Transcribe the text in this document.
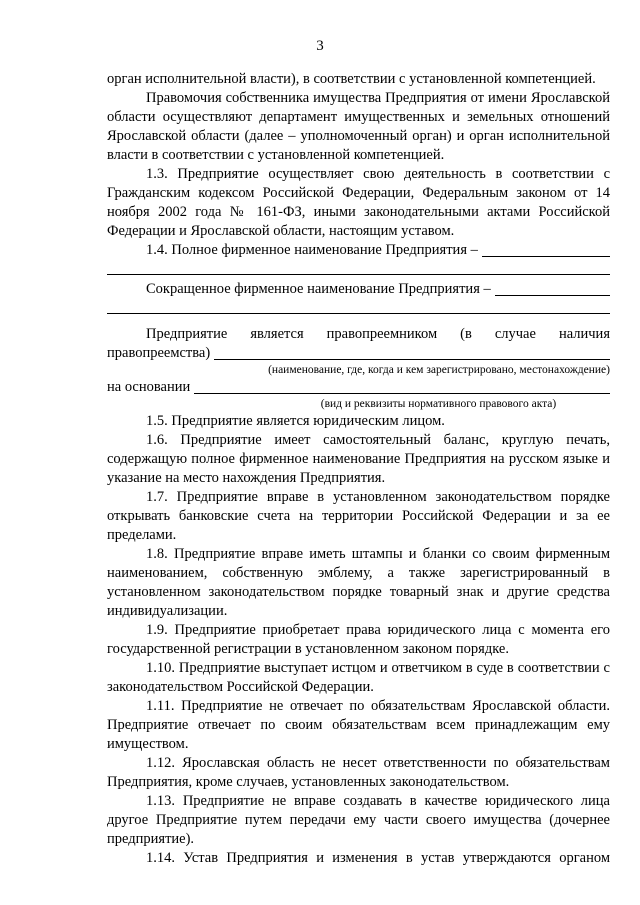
3

орган исполнительной власти), в соответствии с установленной компетенцией.

Правомочия собственника имущества Предприятия от имени Ярославской области осуществляют департамент имущественных и земельных отношений Ярославской области (далее – уполномоченный орган) и орган исполнительной власти в соответствии с установленной компетенцией.

1.3. Предприятие осуществляет свою деятельность в соответствии с Гражданским кодексом Российской Федерации, Федеральным законом от 14 ноября 2002 года № 161-ФЗ, иными законодательными актами Российской Федерации и Ярославской области, настоящим уставом.

1.4. Полное фирменное наименование Предприятия –
Сокращенное фирменное наименование Предприятия –

Предприятие является правопреемником (в случае наличия

правопреемства)
(наименование, где, когда и кем зарегистрировано, местонахождение)
на основании
(вид и реквизиты нормативного правового акта)

1.5. Предприятие является юридическим лицом.

1.6. Предприятие имеет самостоятельный баланс, круглую печать, содержащую полное фирменное наименование Предприятия на русском языке и указание на место нахождения Предприятия.

1.7. Предприятие вправе в установленном законодательством порядке открывать банковские счета на территории Российской Федерации и за ее пределами.

1.8. Предприятие вправе иметь штампы и бланки со своим фирменным наименованием, собственную эмблему, а также зарегистрированный в установленном законодательством порядке товарный знак и другие средства индивидуализации.

1.9. Предприятие приобретает права юридического лица с момента его государственной регистрации в установленном законом порядке.

1.10. Предприятие выступает истцом и ответчиком в суде в соответствии с законодательством Российской Федерации.

1.11. Предприятие не отвечает по обязательствам Ярославской области. Предприятие отвечает по своим обязательствам всем принадлежащим ему имуществом.

1.12. Ярославская область не несет ответственности по обязательствам Предприятия, кроме случаев, установленных законодательством.

1.13. Предприятие не вправе создавать в качестве юридического лица другое Предприятие путем передачи ему части своего имущества (дочернее предприятие).

1.14. Устав Предприятия и изменения в устав утверждаются органом
